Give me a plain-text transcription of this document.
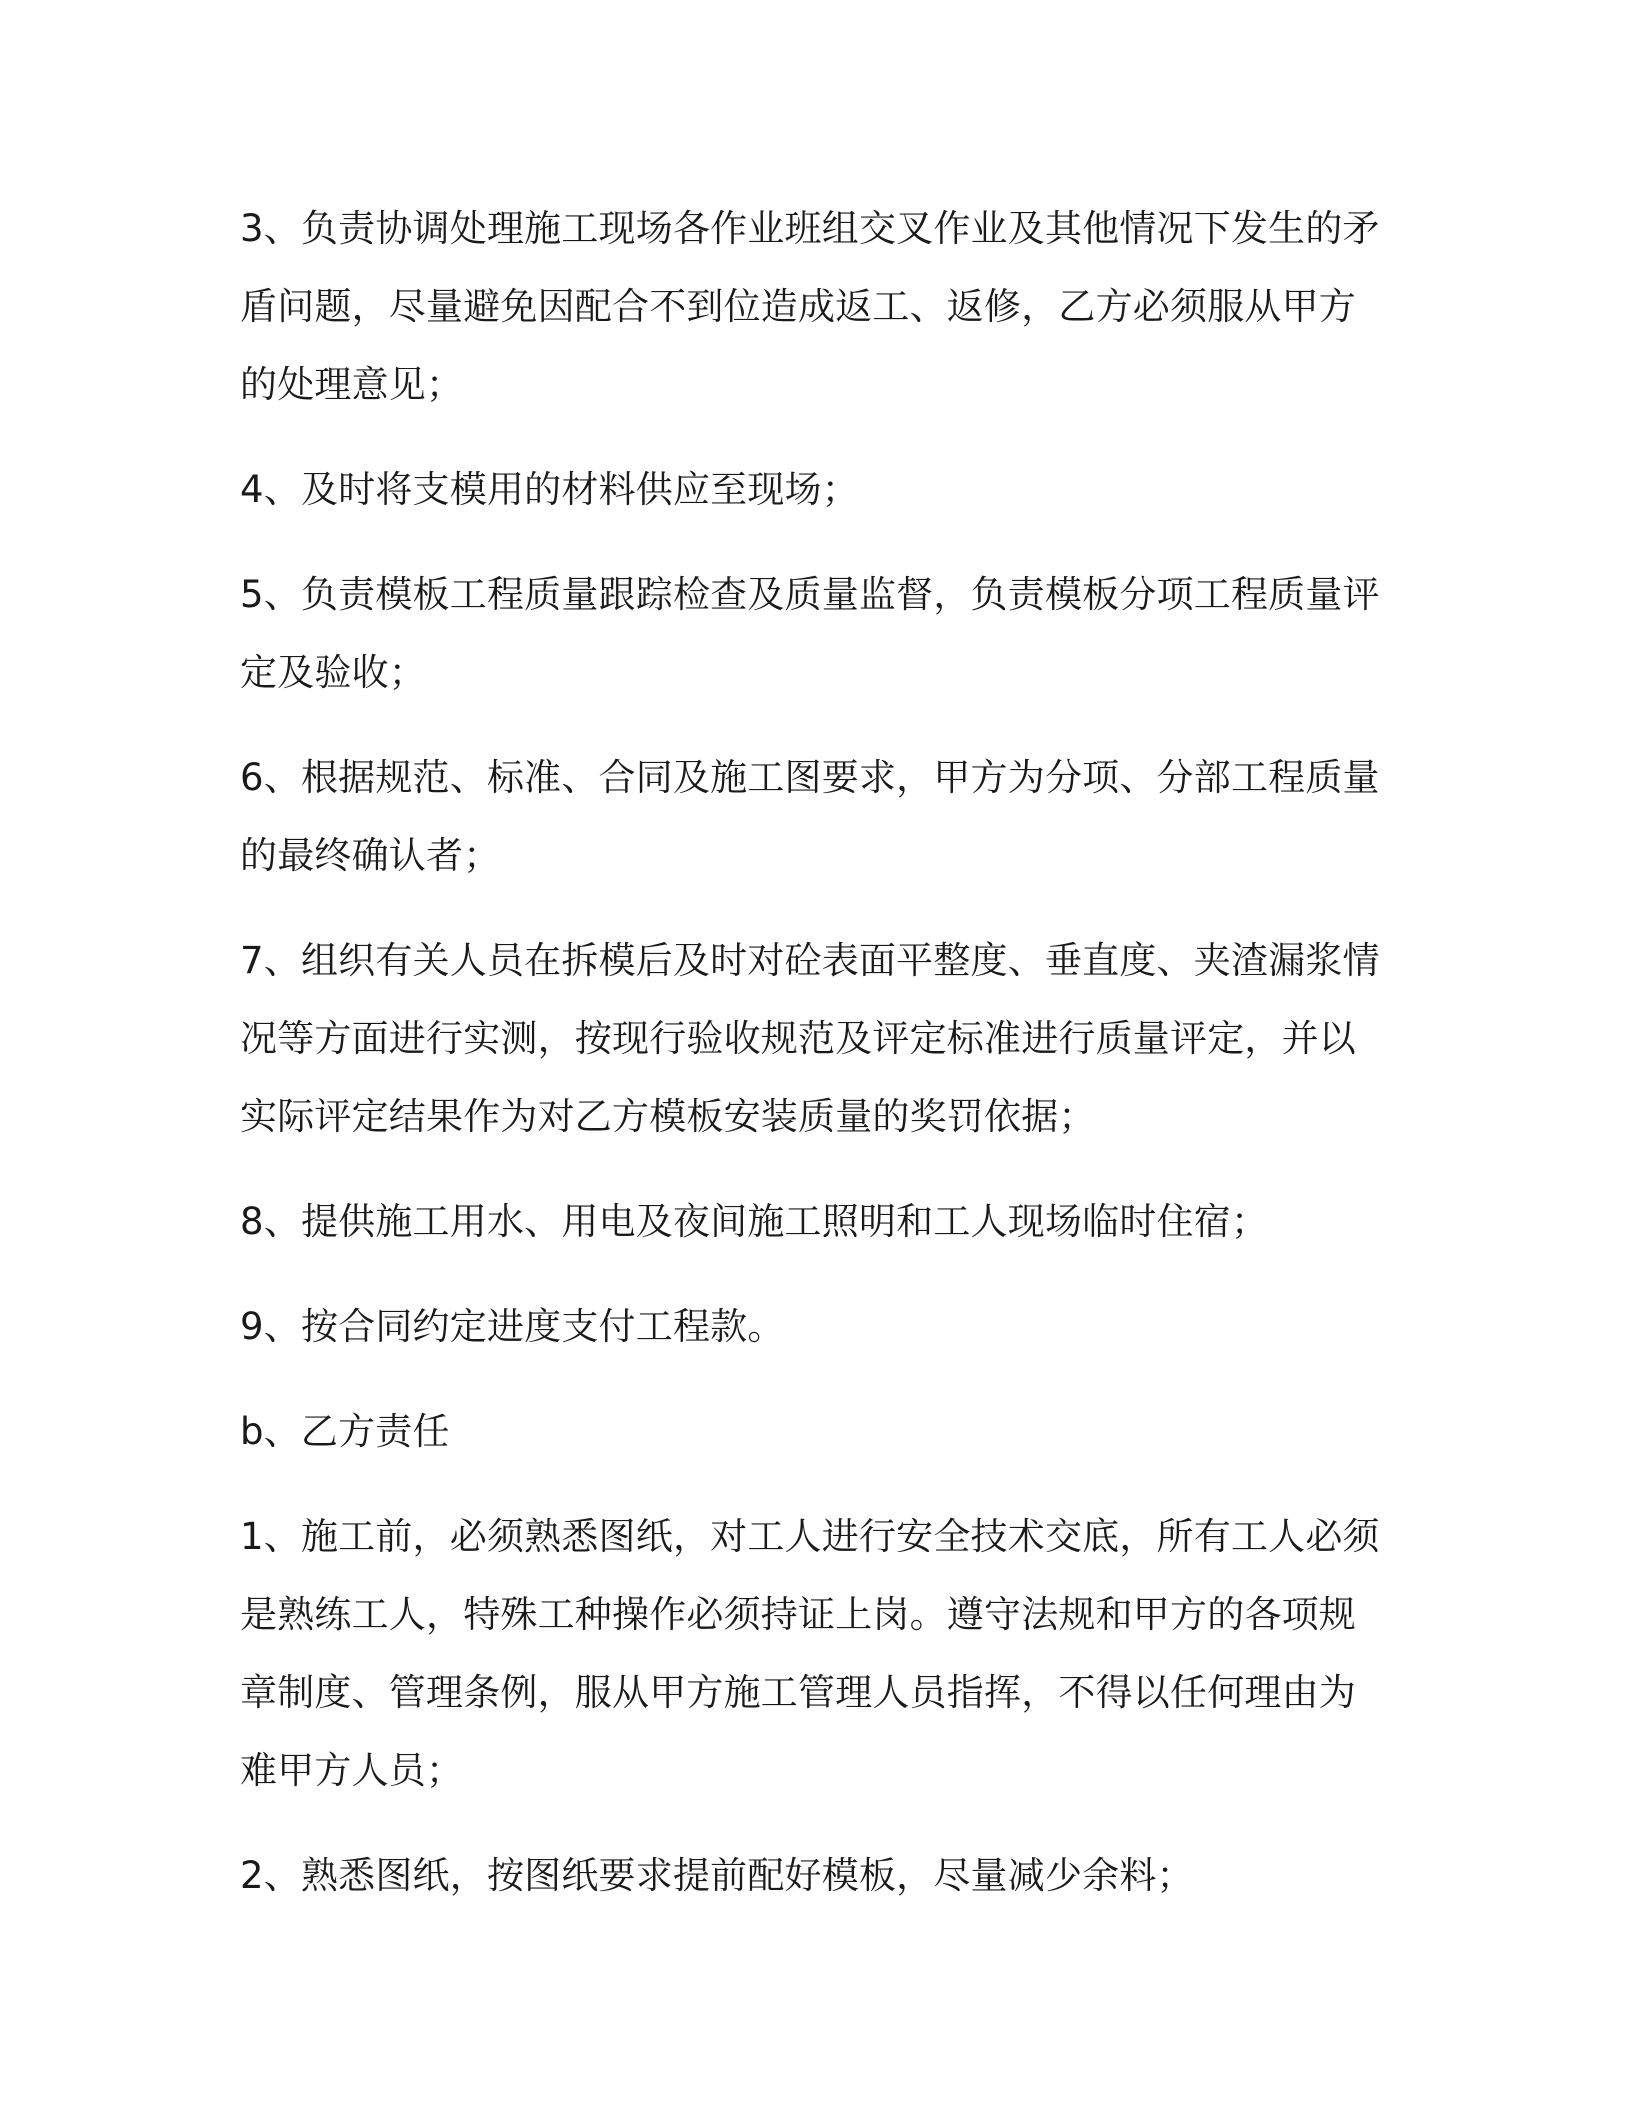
3、负责协调处理施工现场各作业班组交叉作业及其他情况下发生的矛盾问题，尽量避免因配合不到位造成返工、返修，乙方必须服从甲方的处理意见；

4、及时将支模用的材料供应至现场；

5、负责模板工程质量跟踪检查及质量监督，负责模板分项工程质量评定及验收；

6、根据规范、标准、合同及施工图要求，甲方为分项、分部工程质量的最终确认者；

7、组织有关人员在拆模后及时对砼表面平整度、垂直度、夹渣漏浆情况等方面进行实测，按现行验收规范及评定标准进行质量评定，并以实际评定结果作为对乙方模板安装质量的奖罚依据；

8、提供施工用水、用电及夜间施工照明和工人现场临时住宿；

9、按合同约定进度支付工程款。

b、乙方责任

1、施工前，必须熟悉图纸，对工人进行安全技术交底，所有工人必须是熟练工人，特殊工种操作必须持证上岗。遵守法规和甲方的各项规章制度、管理条例，服从甲方施工管理人员指挥，不得以任何理由为难甲方人员；

2、熟悉图纸，按图纸要求提前配好模板，尽量减少余料；
